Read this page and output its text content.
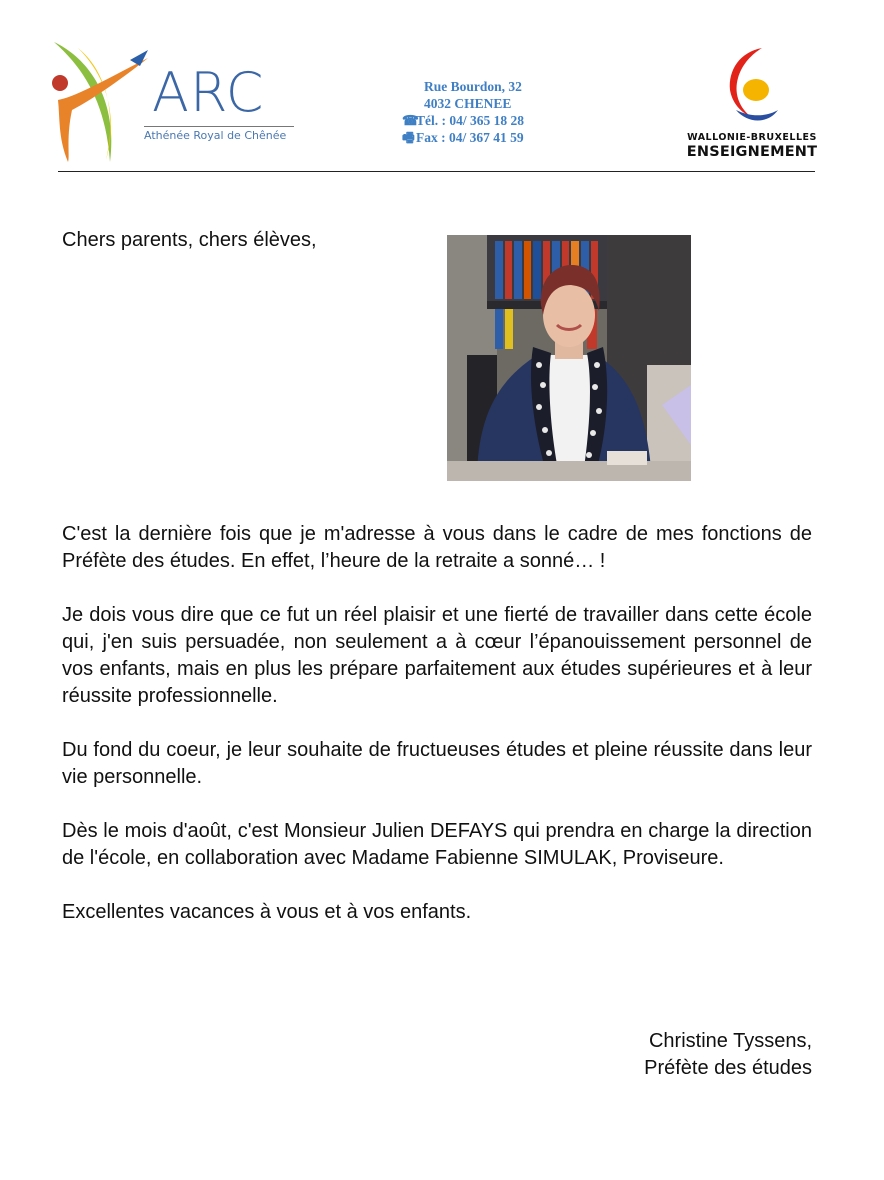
ARC
Athénée Royal de Chênée
Rue Bourdon, 32
4032 CHENEE
☎Tél. : 04/ 365 18 28
🖷Fax : 04/ 367 41 59	WALLONIE-BRUXELLES
ENSEIGNEMENT
Chers parents, chers élèves,

C'est la dernière fois que je m'adresse à vous dans le cadre de mes fonctions de Préfète des études. En effet, l’heure de la retraite a sonné… !

Je dois vous dire que ce fut un réel plaisir et une fierté de travailler dans cette école qui, j'en suis persuadée, non seulement a à cœur l’épanouissement personnel de vos enfants, mais en plus les prépare parfaitement aux études supérieures et à leur réussite professionnelle.

Du fond du coeur, je leur souhaite de fructueuses études et pleine réussite dans leur vie personnelle.

Dès le mois d'août, c'est Monsieur Julien DEFAYS qui prendra en charge la direction de l'école, en collaboration avec Madame Fabienne SIMULAK, Proviseure.

Excellentes vacances à vous et à vos enfants.

Christine Tyssens,
Préfète des études
